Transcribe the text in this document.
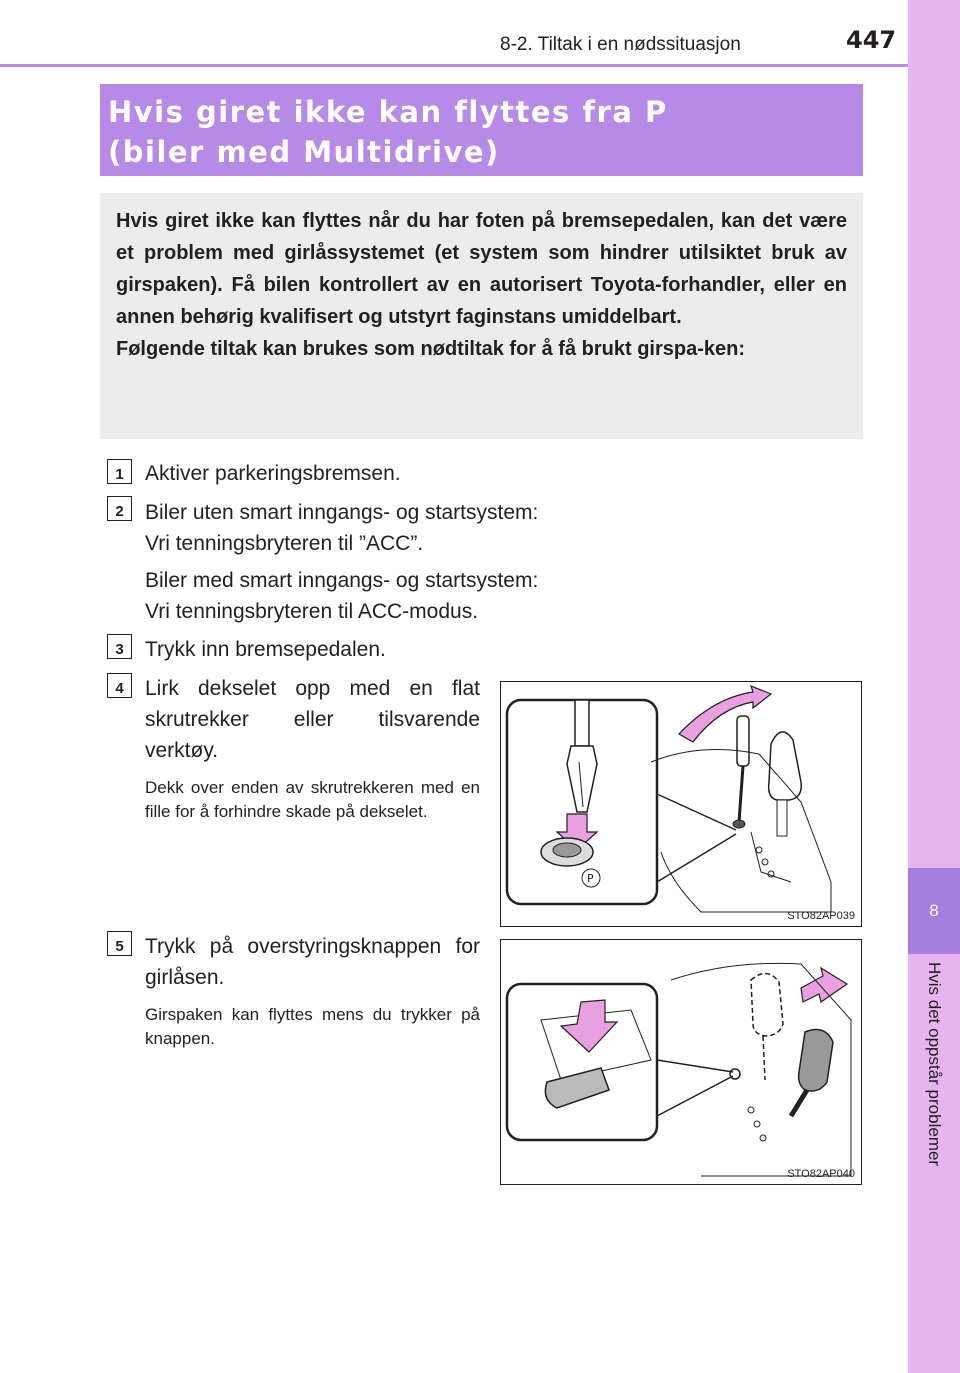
8
Hvis det oppstår problemer
8-2. Tiltak i en nødssituasjon	447
Hvis giret ikke kan flyttes fra P
(biler med Multidrive)

Hvis giret ikke kan flyttes når du har foten på bremsepedalen, kan det være et problem med girlåssystemet (et system som hindrer utilsiktet bruk av girspaken). Få bilen kontrollert av en autorisert Toyota-forhandler, eller en annen behørig kvalifisert og utstyrt faginstans umiddelbart.

Følgende tiltak kan brukes som nødtiltak for å få brukt girspa-ken:

1	Aktiver parkeringsbremsen.
2	Biler uten smart inngangs- og startsystem:
Vri tenningsbryteren til ”ACC”.
Biler med smart inngangs- og startsystem:
Vri tenningsbryteren til ACC-modus.
3	Trykk inn bremsepedalen.
4	Lirk dekselet opp med en flat skrutrekker eller tilsvarende verktøy.
Dekk over enden av skrutrekkeren med en fille for å forhindre skade på dekselet.
P
STO82AP039
5	Trykk på overstyringsknappen for girlåsen.
Girspaken kan flyttes mens du trykker på knappen.
STO82AP040
